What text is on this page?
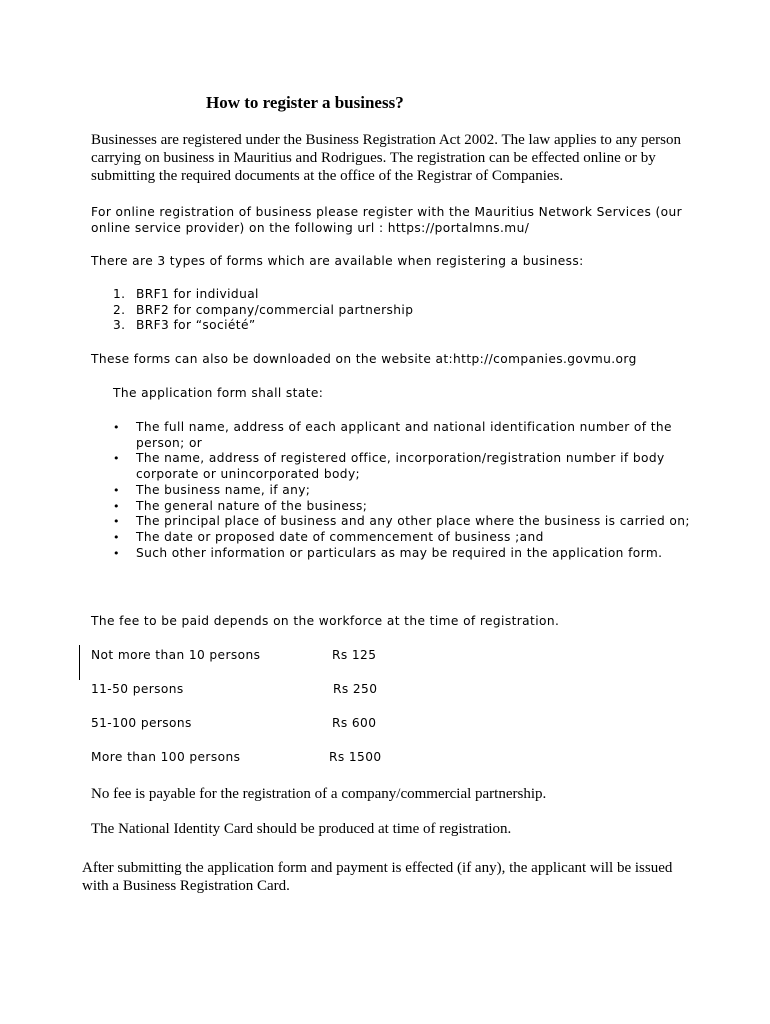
How to register a business?
Businesses are registered under the Business Registration Act 2002. The law applies to any person carrying on business in Mauritius and Rodrigues. The registration can be effected online or by submitting the required documents at the office of the Registrar of Companies.
For online registration of business please register with the Mauritius Network Services (our online service provider) on the following url : https://portalmns.mu/
There are 3 types of forms which are available when registering a business:
1. BRF1 for individual
2. BRF2 for company/commercial partnership
3. BRF3 for “société”
These forms can also be downloaded on the website at:http://companies.govmu.org
The application form shall state:
• The full name, address of each applicant and national identification number of the person; or
• The name, address of registered office, incorporation/registration number if body corporate or unincorporated body;
• The business name, if any;
• The general nature of the business;
• The principal place of business and any other place where the business is carried on;
• The date or proposed date of commencement of business ;and
• Such other information or particulars as may be required in the application form.
The fee to be paid depends on the workforce at the time of registration.
Not more than 10 persons	Rs 125
11-50 persons	Rs 250
51-100 persons	Rs 600
More than 100 persons	Rs 1500
No fee is payable for the registration of a company/commercial partnership.
The National Identity Card should be produced at time of registration.
After submitting the application form and payment is effected (if any), the applicant will be issued with a Business Registration Card.
